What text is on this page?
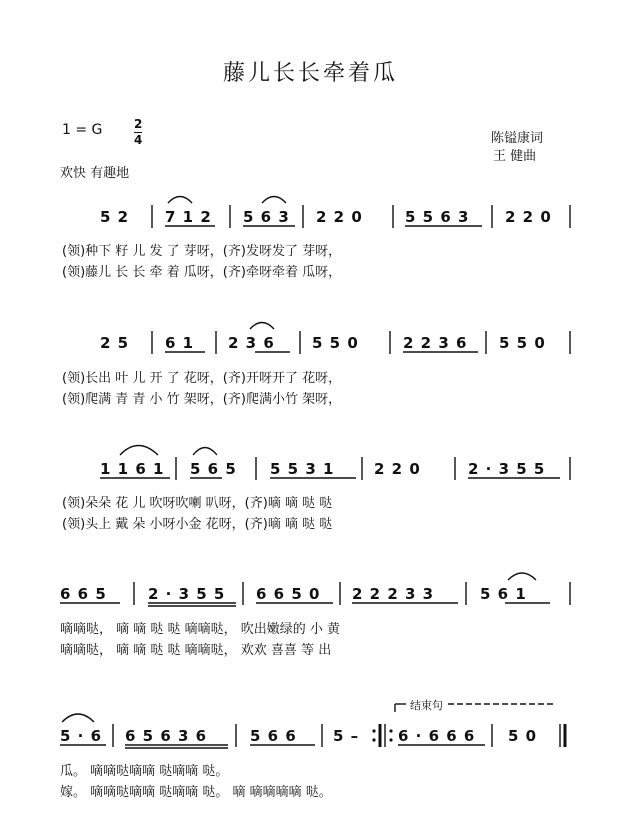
藤儿长长牵着瓜
1 = G	2
4	陈镒康词
王 健曲
欢快 有趣地
5 2 7 1 2 5 6 3 2 2 0	5 5 6 3 2 2 0
(领)种下 籽 儿 发 了 芽呀，(齐)发呀发了 芽呀，
(领)藤儿 长 长 牵 着 瓜呀，(齐)牵呀牵着 瓜呀，
2 5 6 1 2 3 6 5 5 0	2 2 3 6 5 5 0
(领)长出 叶 儿 开 了 花呀，(齐)开呀开了 花呀，
(领)爬满 青 青 小 竹 架呀，(齐)爬满小竹 架呀，
1 1 6 1 5 6 5 5 5 3 1	2 2 0	2 · 3 5 5
(领)朵朵 花 儿 吹呀吹喇 叭呀，(齐)嘀 嘀 哒 哒
(领)头上 戴 朵 小呀小金 花呀，(齐)嘀 嘀 哒 哒
6 6 5	2 · 3 5 5 6 6 5 0 2 2 2 3 3	5 6 1
嘀嘀哒， 嘀 嘀 哒 哒 嘀嘀哒， 吹出嫩绿的 小 黄
嘀嘀哒， 嘀 嘀 哒 哒 嘀嘀哒， 欢欢 喜喜 等 出
结束句
5 · 6 6 5 6 3 6	5 6 6 5 –	6 · 6 6 6 5 0
瓜。 嘀嘀哒嘀嘀 哒嘀嘀 哒。
嫁。 嘀嘀哒嘀嘀 哒嘀嘀 哒。 嘀 嘀嘀嘀嘀 哒。
